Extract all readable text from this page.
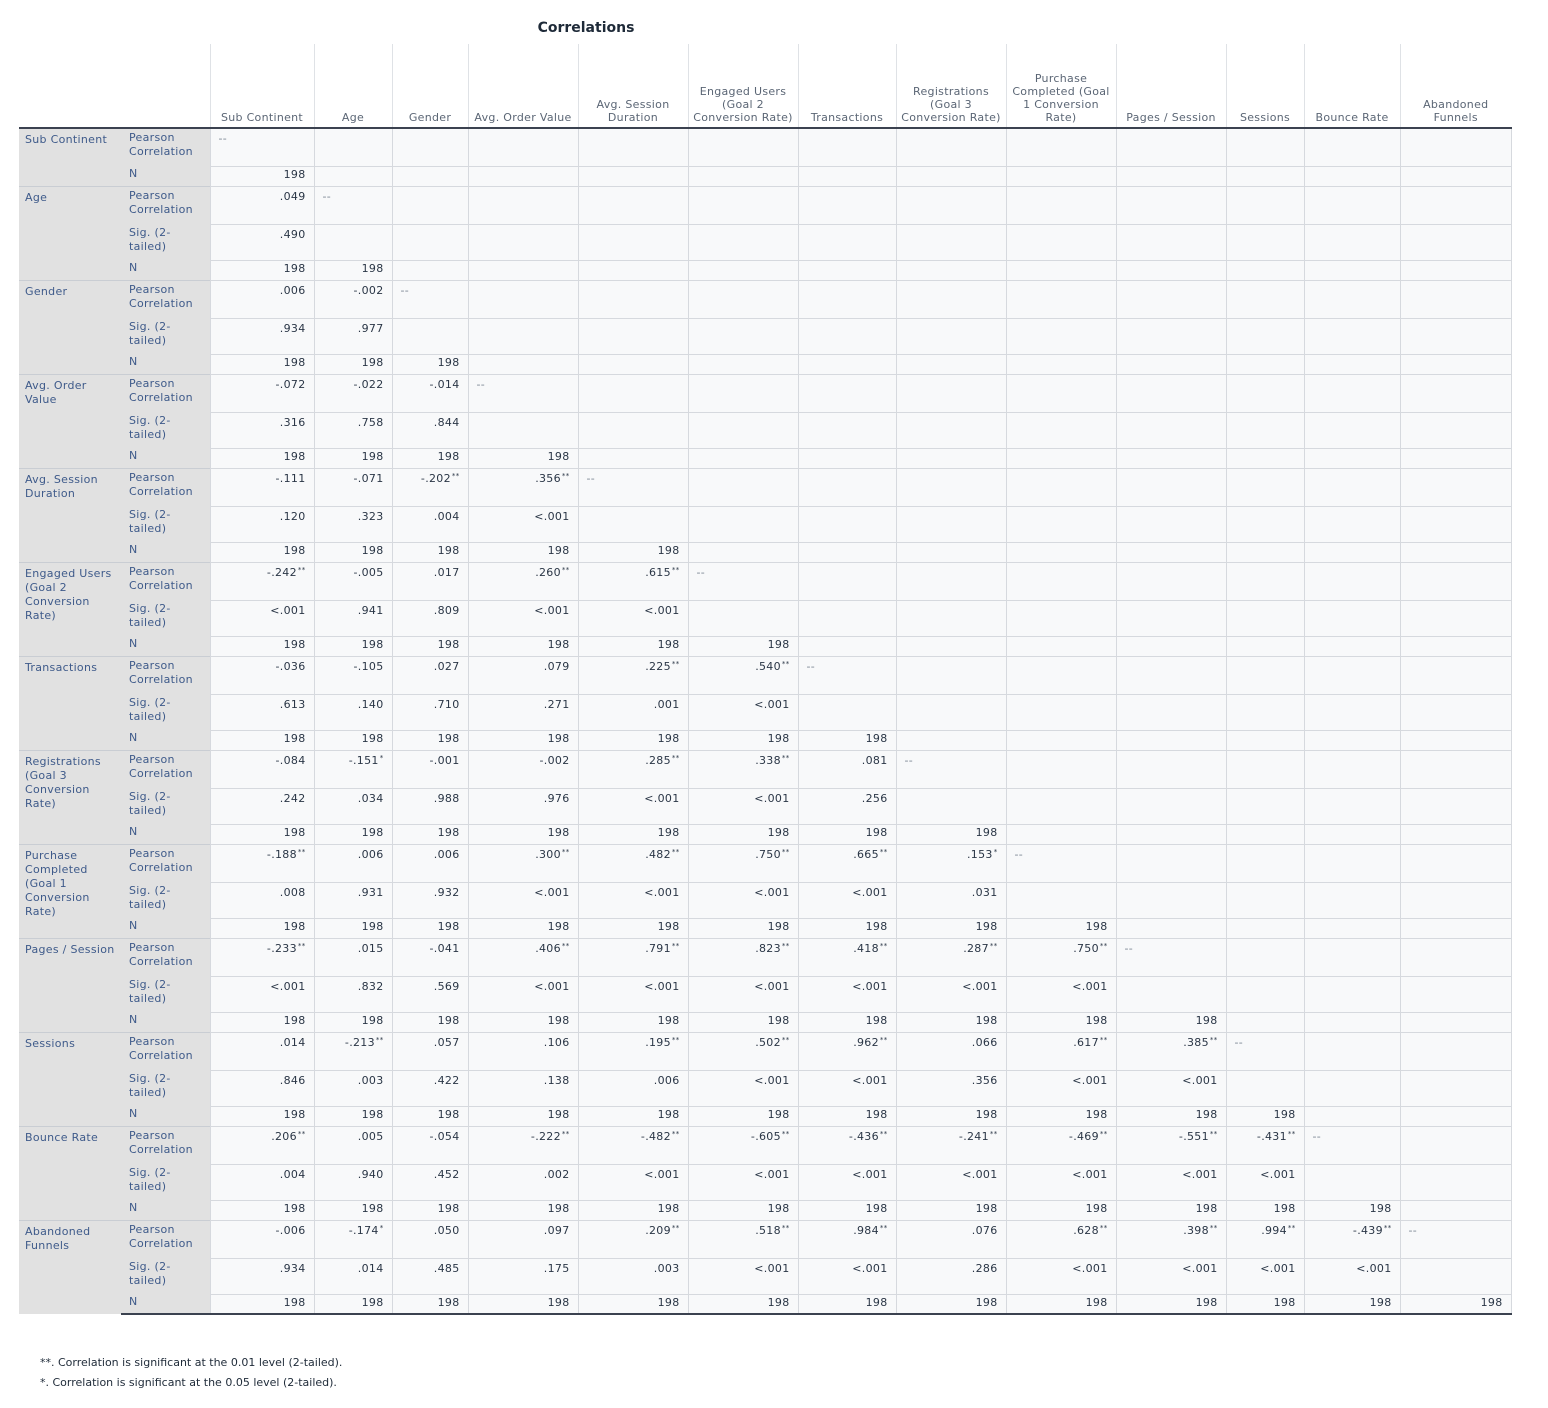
Correlations
		Sub Continent	Age	Gender	Avg. Order Value	Avg. Session Duration	Engaged Users (Goal 2 Conversion Rate)	Transactions	Registrations (Goal 3 Conversion Rate)	Purchase Completed (Goal 1 Conversion Rate)	Pages / Session	Sessions	Bounce Rate	Abandoned Funnels
Sub Continent	Pearson Correlation	--												
	N	198												
Age	Pearson Correlation	.049	--											
	Sig. (2-tailed)	.490												
	N	198	198											
Gender	Pearson Correlation	.006	-.002	--										
	Sig. (2-tailed)	.934	.977											
	N	198	198	198										
Avg. Order Value	Pearson Correlation	-.072	-.022	-.014	--									
	Sig. (2-tailed)	.316	.758	.844										
	N	198	198	198	198									
Avg. Session Duration	Pearson Correlation	-.111	-.071	-.202**	.356**	--								
	Sig. (2-tailed)	.120	.323	.004	<.001									
	N	198	198	198	198	198								
Engaged Users (Goal 2 Conversion Rate)	Pearson Correlation	-.242**	-.005	.017	.260**	.615**	--							
	Sig. (2-tailed)	<.001	.941	.809	<.001	<.001								
	N	198	198	198	198	198	198							
Transactions	Pearson Correlation	-.036	-.105	.027	.079	.225**	.540**	--						
	Sig. (2-tailed)	.613	.140	.710	.271	.001	<.001							
	N	198	198	198	198	198	198	198						
Registrations (Goal 3 Conversion Rate)	Pearson Correlation	-.084	-.151*	-.001	-.002	.285**	.338**	.081	--					
	Sig. (2-tailed)	.242	.034	.988	.976	<.001	<.001	.256						
	N	198	198	198	198	198	198	198	198					
Purchase Completed (Goal 1 Conversion Rate)	Pearson Correlation	-.188**	.006	.006	.300**	.482**	.750**	.665**	.153*	--				
	Sig. (2-tailed)	.008	.931	.932	<.001	<.001	<.001	<.001	.031					
	N	198	198	198	198	198	198	198	198	198				
Pages / Session	Pearson Correlation	-.233**	.015	-.041	.406**	.791**	.823**	.418**	.287**	.750**	--			
	Sig. (2-tailed)	<.001	.832	.569	<.001	<.001	<.001	<.001	<.001	<.001				
	N	198	198	198	198	198	198	198	198	198	198			
Sessions	Pearson Correlation	.014	-.213**	.057	.106	.195**	.502**	.962**	.066	.617**	.385**	--		
	Sig. (2-tailed)	.846	.003	.422	.138	.006	<.001	<.001	.356	<.001	<.001			
	N	198	198	198	198	198	198	198	198	198	198	198		
Bounce Rate	Pearson Correlation	.206**	.005	-.054	-.222**	-.482**	-.605**	-.436**	-.241**	-.469**	-.551**	-.431**	--	
	Sig. (2-tailed)	.004	.940	.452	.002	<.001	<.001	<.001	<.001	<.001	<.001	<.001		
	N	198	198	198	198	198	198	198	198	198	198	198	198	
Abandoned Funnels	Pearson Correlation	-.006	-.174*	.050	.097	.209**	.518**	.984**	.076	.628**	.398**	.994**	-.439**	--
	Sig. (2-tailed)	.934	.014	.485	.175	.003	<.001	<.001	.286	<.001	<.001	<.001	<.001	
	N	198	198	198	198	198	198	198	198	198	198	198	198	198
**. Correlation is significant at the 0.01 level (2-tailed).
*. Correlation is significant at the 0.05 level (2-tailed).
